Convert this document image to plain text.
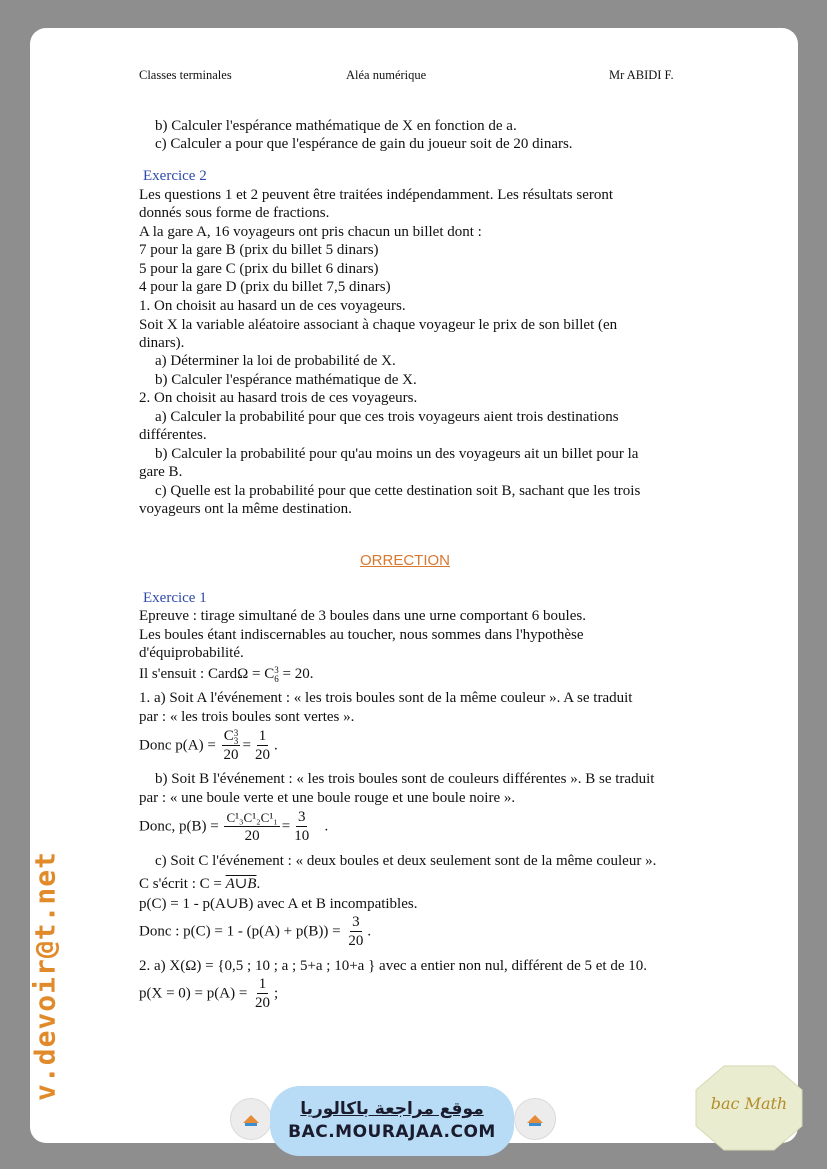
Classes terminales	Aléa numérique	Mr ABIDI F.
b) Calculer l'espérance mathématique de X en fonction de a.
c) Calculer a pour que l'espérance de gain du joueur soit de 20 dinars.
Exercice 2
Les questions 1 et 2 peuvent être traitées indépendamment. Les résultats seront
donnés sous forme de fractions.
A la gare A, 16 voyageurs ont pris chacun un billet dont :
7 pour la gare B (prix du billet 5 dinars)
5 pour la gare C (prix du billet 6 dinars)
4 pour la gare D (prix du billet 7,5 dinars)
1. On choisit au hasard un de ces voyageurs.
Soit X la variable aléatoire associant à chaque voyageur le prix de son billet (en
dinars).
a) Déterminer la loi de probabilité de X.
b) Calculer l'espérance mathématique de X.
2. On choisit au hasard trois de ces voyageurs.
a) Calculer la probabilité pour que ces trois voyageurs aient trois destinations
différentes.
b) Calculer la probabilité pour qu'au moins un des voyageurs ait un billet pour la
gare B.
c) Quelle est la probabilité pour que cette destination soit B, sachant que les trois
voyageurs ont la même destination.
ORRECTION
Exercice 1
Epreuve : tirage simultané de 3 boules dans une urne comportant 6 boules.
Les boules étant indiscernables au toucher, nous sommes dans l'hypothèse
d'équiprobabilité.
Il s'ensuit : CardΩ = C 3
6 = 20.
1. a) Soit A l'événement : « les trois boules sont de la même couleur ». A se traduit
par : « les trois boules sont vertes ».
Donc p(A) = C 3
3
$20 = \frac{1}{20}$ .
b) Soit B l'événement : « les trois boules sont de couleurs différentes ». B se traduit
par : « une boule verte et une boule rouge et une boule noire ».
Donc, $p(B) = \frac{\text{C¹₃C¹₂C¹₁}}{20} = \frac{3}{10}$ .
c) Soit C l'événement : « deux boules et deux seulement sont de la même couleur ».
C s'écrit : C = A∪B.
p(C) = 1 - p(A∪B) avec A et B incompatibles.
Donc : $p(C) = 1 - (p(A) + p(B)) = \frac{3}{20}$ .
2. a) X(Ω) = {0,5 ; 10 ; a ; 5+a ; 10+a } avec a entier non nul, différent de 5 et de 10.
$p(X = 0) = p(A) = \frac{1}{20}$ ;
v.devoir@t.net
موقع مراجعة باكالوريا
BAC.MOURAJAA.COM
bac Math
